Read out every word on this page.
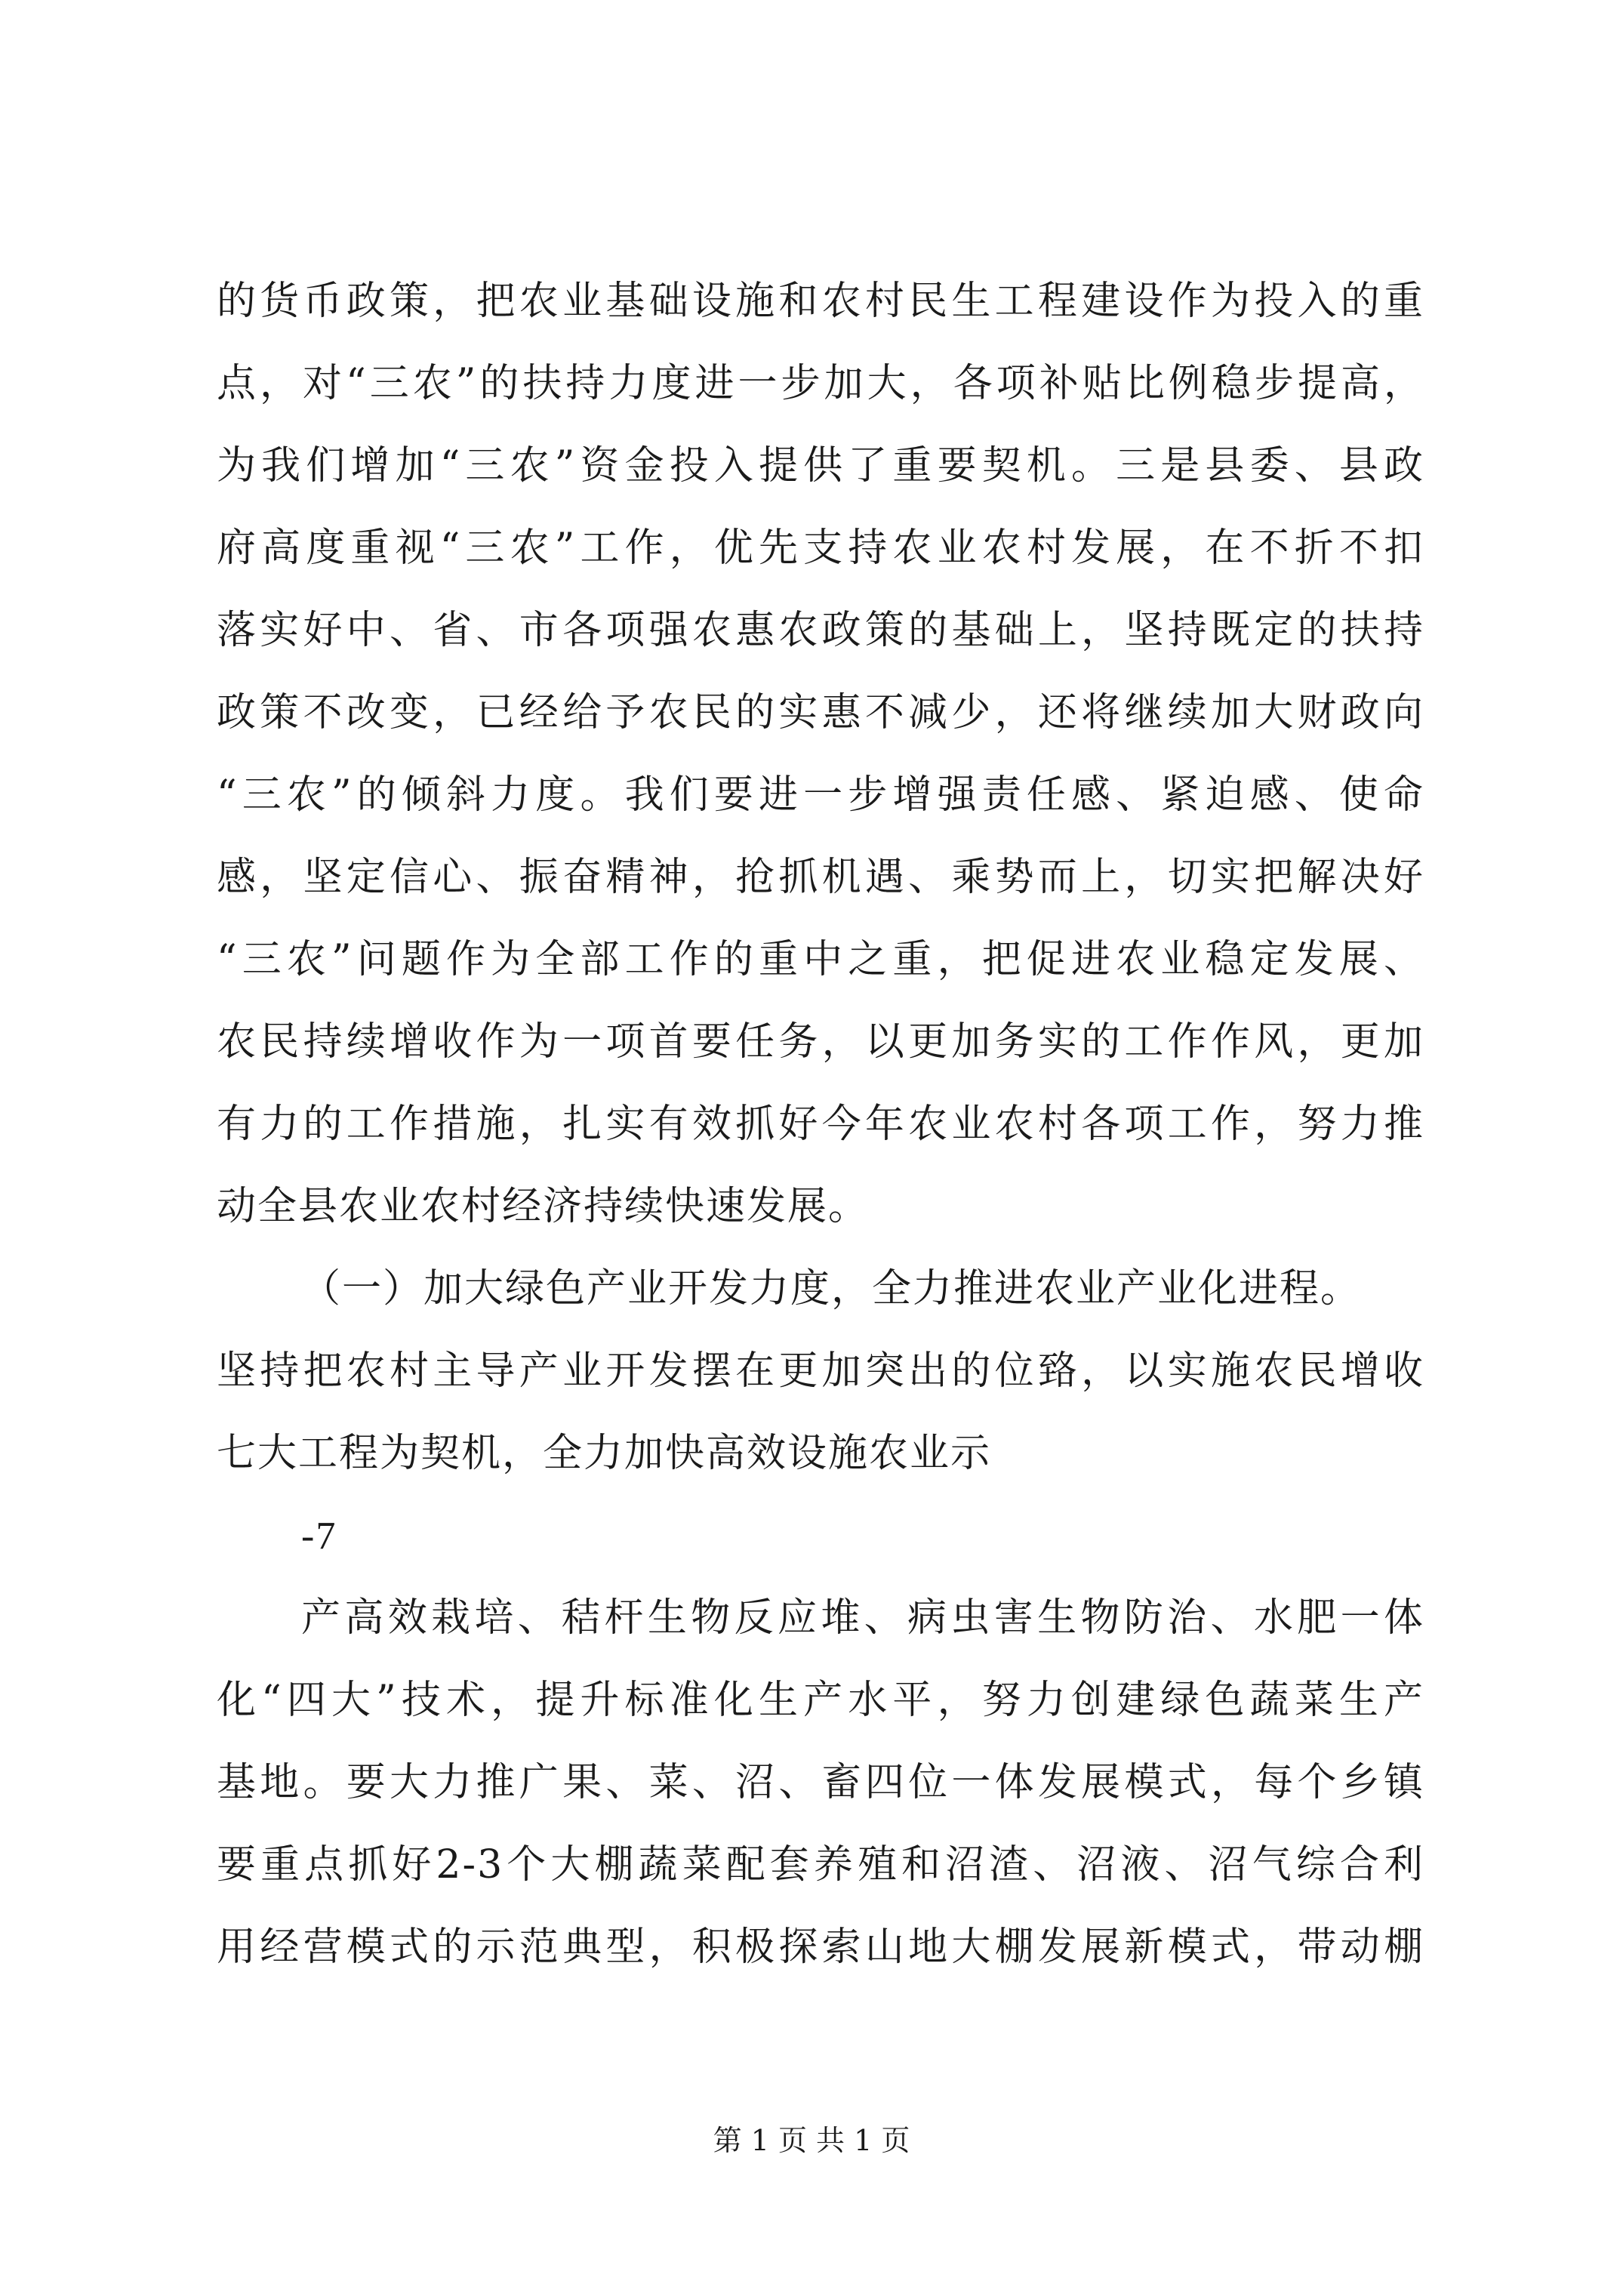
的货币政策，把农业基础设施和农村民生工程建设作为投入的重
点，对“三农”的扶持力度进一步加大，各项补贴比例稳步提高，
为我们增加“三农”资金投入提供了重要契机。三是县委、县政
府高度重视“三农”工作，优先支持农业农村发展，在不折不扣
落实好中、省、市各项强农惠农政策的基础上，坚持既定的扶持
政策不改变，已经给予农民的实惠不减少，还将继续加大财政向
“三农”的倾斜力度。我们要进一步增强责任感、紧迫感、使命
感，坚定信心、振奋精神，抢抓机遇、乘势而上，切实把解决好
“三农”问题作为全部工作的重中之重，把促进农业稳定发展、
农民持续增收作为一项首要任务，以更加务实的工作作风，更加
有力的工作措施，扎实有效抓好今年农业农村各项工作，努力推
动全县农业农村经济持续快速发展。
（一）加大绿色产业开发力度，全力推进农业产业化进程。
坚持把农村主导产业开发摆在更加突出的位臵，以实施农民增收
七大工程为契机，全力加快高效设施农业示
-7
产高效栽培、秸杆生物反应堆、病虫害生物防治、水肥一体
化“四大”技术，提升标准化生产水平，努力创建绿色蔬菜生产
基地。要大力推广果、菜、沼、畜四位一体发展模式，每个乡镇
要重点抓好2-3个大棚蔬菜配套养殖和沼渣、沼液、沼气综合利
用经营模式的示范典型，积极探索山地大棚发展新模式，带动棚
第 1 页 共 1 页
